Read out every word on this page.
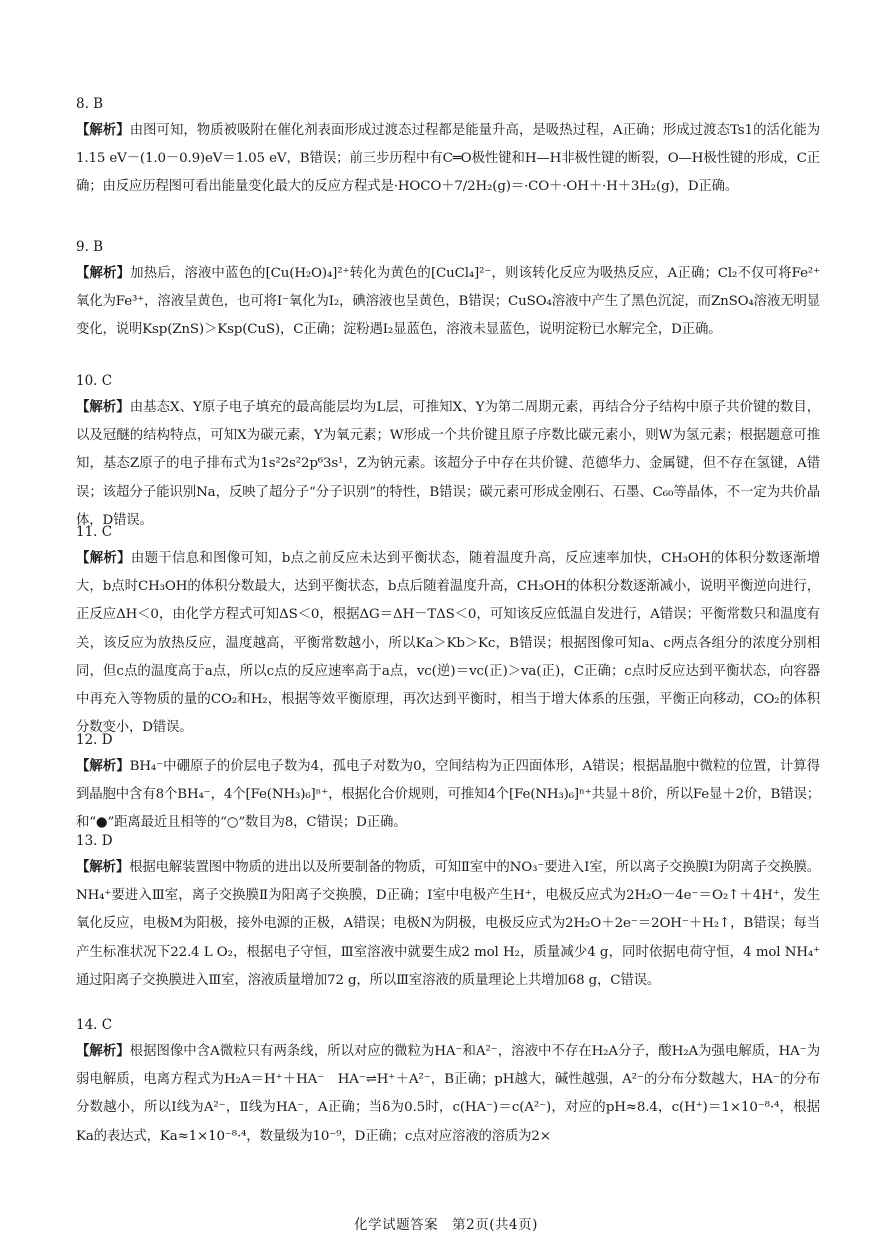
8. B
【解析】由图可知，物质被吸附在催化剂表面形成过渡态过程都是能量升高，是吸热过程，A正确；形成过渡态Ts1的活化能为1.15 eV－(1.0－0.9)eV＝1.05 eV，B错误；前三步历程中有C═O极性键和H—H非极性键的断裂，O—H极性键的形成，C正确；由反应历程图可看出能量变化最大的反应方程式是·HOCO＋7/2H₂(g)＝·CO＋·OH＋·H＋3H₂(g)，D正确。
9. B
【解析】加热后，溶液中蓝色的[Cu(H₂O)₄]²⁺转化为黄色的[CuCl₄]²⁻，则该转化反应为吸热反应，A正确；Cl₂不仅可将Fe²⁺氧化为Fe³⁺，溶液呈黄色，也可将I⁻氧化为I₂，碘溶液也呈黄色，B错误；CuSO₄溶液中产生了黑色沉淀，而ZnSO₄溶液无明显变化，说明Ksp(ZnS)＞Ksp(CuS)，C正确；淀粉遇I₂显蓝色，溶液未显蓝色，说明淀粉已水解完全，D正确。
10. C
【解析】由基态X、Y原子电子填充的最高能层均为L层，可推知X、Y为第二周期元素，再结合分子结构中原子共价键的数目，以及冠醚的结构特点，可知X为碳元素，Y为氧元素；W形成一个共价键且原子序数比碳元素小，则W为氢元素；根据题意可推知，基态Z原子的电子排布式为1s²2s²2p⁶3s¹，Z为钠元素。该超分子中存在共价键、范德华力、金属键，但不存在氢键，A错误；该超分子能识别Na，反映了超分子“分子识别”的特性，B错误；碳元素可形成金刚石、石墨、C₆₀等晶体，不一定为共价晶体，D错误。
11. C
【解析】由题干信息和图像可知，b点之前反应未达到平衡状态，随着温度升高，反应速率加快，CH₃OH的体积分数逐渐增大，b点时CH₃OH的体积分数最大，达到平衡状态，b点后随着温度升高，CH₃OH的体积分数逐渐减小，说明平衡逆向进行，正反应ΔH＜0，由化学方程式可知ΔS＜0，根据ΔG＝ΔH－TΔS＜0，可知该反应低温自发进行，A错误；平衡常数只和温度有关，该反应为放热反应，温度越高，平衡常数越小，所以Ka＞Kb＞Kc，B错误；根据图像可知a、c两点各组分的浓度分别相同，但c点的温度高于a点，所以c点的反应速率高于a点，vc(逆)＝vc(正)＞va(正)，C正确；c点时反应达到平衡状态，向容器中再充入等物质的量的CO₂和H₂，根据等效平衡原理，再次达到平衡时，相当于增大体系的压强，平衡正向移动，CO₂的体积分数变小，D错误。
12. D
【解析】BH₄⁻中硼原子的价层电子数为4，孤电子对数为0，空间结构为正四面体形，A错误；根据晶胞中微粒的位置，计算得到晶胞中含有8个BH₄⁻，4个[Fe(NH₃)₆]ⁿ⁺，根据化合价规则，可推知4个[Fe(NH₃)₆]ⁿ⁺共显＋8价，所以Fe显＋2价，B错误；和“●”距离最近且相等的“○”数目为8，C错误；D正确。
13. D
【解析】根据电解装置图中物质的进出以及所要制备的物质，可知Ⅱ室中的NO₃⁻要进入Ⅰ室，所以离子交换膜Ⅰ为阴离子交换膜。NH₄⁺要进入Ⅲ室，离子交换膜Ⅱ为阳离子交换膜，D正确；Ⅰ室中电极产生H⁺，电极反应式为2H₂O－4e⁻＝O₂↑＋4H⁺，发生氧化反应，电极M为阳极，接外电源的正极，A错误；电极N为阴极，电极反应式为2H₂O＋2e⁻＝2OH⁻＋H₂↑，B错误；每当产生标准状况下22.4 L O₂，根据电子守恒，Ⅲ室溶液中就要生成2 mol H₂，质量减少4 g，同时依据电荷守恒，4 mol NH₄⁺通过阳离子交换膜进入Ⅲ室，溶液质量增加72 g，所以Ⅲ室溶液的质量理论上共增加68 g，C错误。
14. C
【解析】根据图像中含A微粒只有两条线，所以对应的微粒为HA⁻和A²⁻，溶液中不存在H₂A分子，酸H₂A为强电解质，HA⁻为弱电解质，电离方程式为H₂A＝H⁺＋HA⁻　HA⁻⇌H⁺＋A²⁻，B正确；pH越大，碱性越强，A²⁻的分布分数越大，HA⁻的分布分数越小，所以Ⅰ线为A²⁻，Ⅱ线为HA⁻，A正确；当δ为0.5时，c(HA⁻)＝c(A²⁻)，对应的pH≈8.4，c(H⁺)＝1×10⁻⁸·⁴，根据Ka的表达式，Ka≈1×10⁻⁸·⁴，数量级为10⁻⁹，D正确；c点对应溶液的溶质为2×
化学试题答案　第2页(共4页)
